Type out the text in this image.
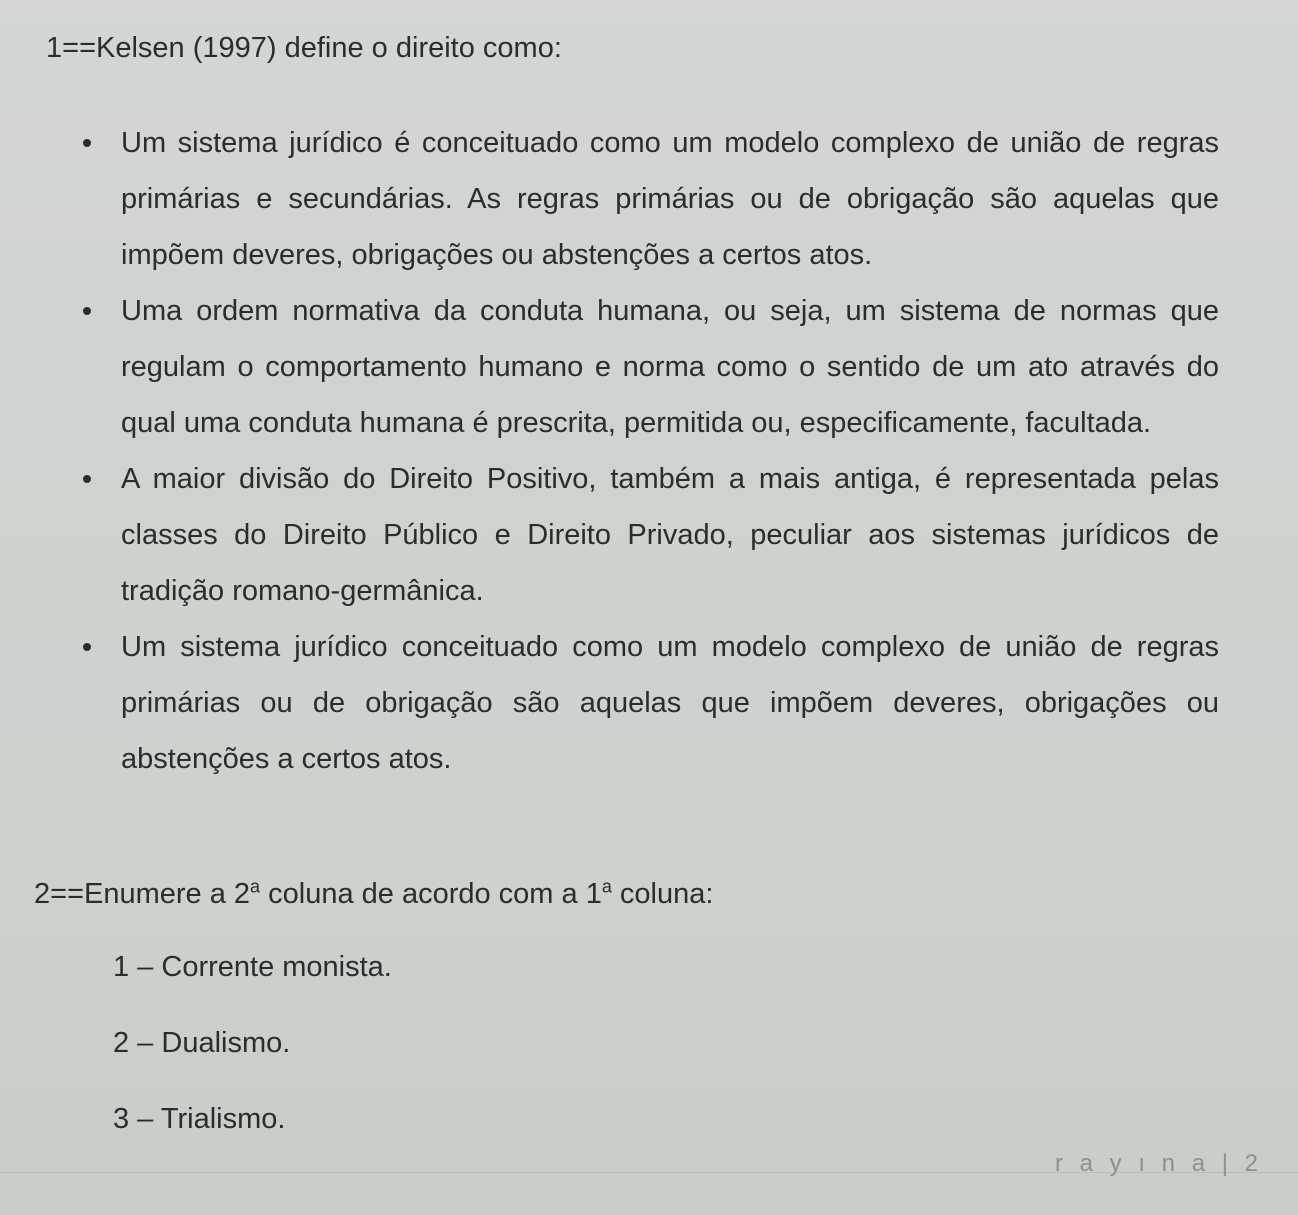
1==Kelsen (1997) define o direito como:
Um sistema jurídico é conceituado como um modelo complexo de união de regras primárias e secundárias. As regras primárias ou de obrigação são aquelas que impõem deveres, obrigações ou abstenções a certos atos.
Uma ordem normativa da conduta humana, ou seja, um sistema de normas que regulam o comportamento humano e norma como o sentido de um ato através do qual uma conduta humana é prescrita, permitida ou, especificamente, facultada.
A maior divisão do Direito Positivo, também a mais antiga, é representada pelas classes do Direito Público e Direito Privado, peculiar aos sistemas jurídicos de tradição romano-germânica.
Um sistema jurídico conceituado como um modelo complexo de união de regras primárias ou de obrigação são aquelas que impõem deveres, obrigações ou abstenções a certos atos.
2==Enumere a 2$^a$ coluna de acordo com a 1$^a$ coluna:
1 – Corrente monista.
2 – Dualismo.
3 – Trialismo.
r a y ı n a | 2
